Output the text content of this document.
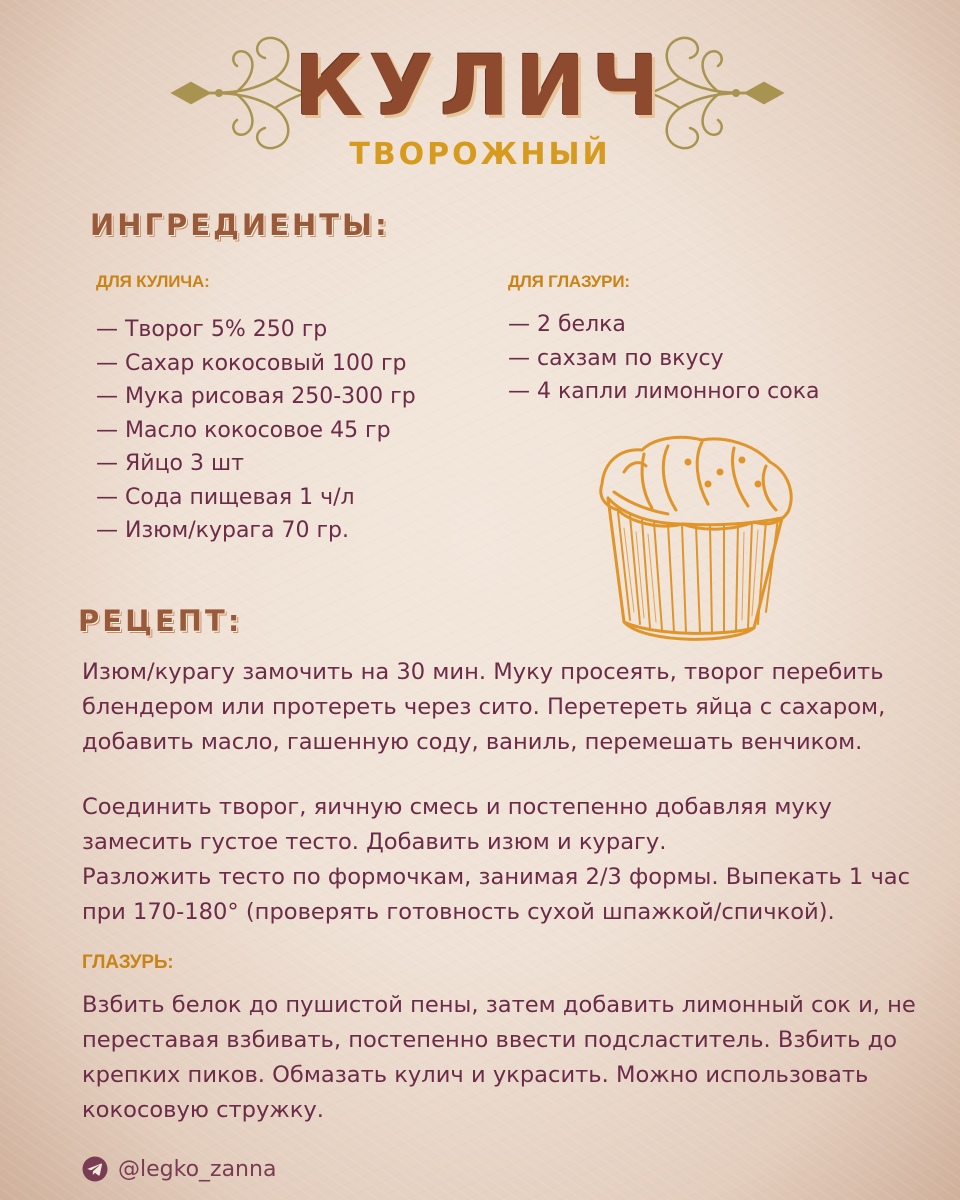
КУЛИЧ
ТВОРОЖНЫЙ
ИНГРЕДИЕНТЫ:
ДЛЯ КУЛИЧА:
— Творог 5% 250 гр
— Сахар кокосовый 100 гр
— Мука рисовая 250-300 гр
— Масло кокосовое 45 гр
— Яйцо 3 шт
— Сода пищевая 1 ч/л
— Изюм/курага 70 гр.
ДЛЯ ГЛАЗУРИ:
— 2 белка
— сахзам по вкусу
— 4 капли лимонного сока
РЕЦЕПТ:

Изюм/курагу замочить на 30 мин. Муку просеять, творог перебить блендером или протереть через сито. Перетереть яйца с сахаром, добавить масло, гашенную соду, ваниль, перемешать венчиком.

Соединить творог, яичную смесь и постепенно добавляя муку замесить густое тесто. Добавить изюм и курагу.
Разложить тесто по формочкам, занимая 2/3 формы. Выпекать 1 час при 170-180° (проверять готовность сухой шпажкой/спичкой).
ГЛАЗУРЬ:

Взбить белок до пушистой пены, затем добавить лимонный сок и, не переставая взбивать, постепенно ввести подсластитель. Взбить до крепких пиков. Обмазать кулич и украсить. Можно использовать кокосовую стружку.

@legko_zanna
